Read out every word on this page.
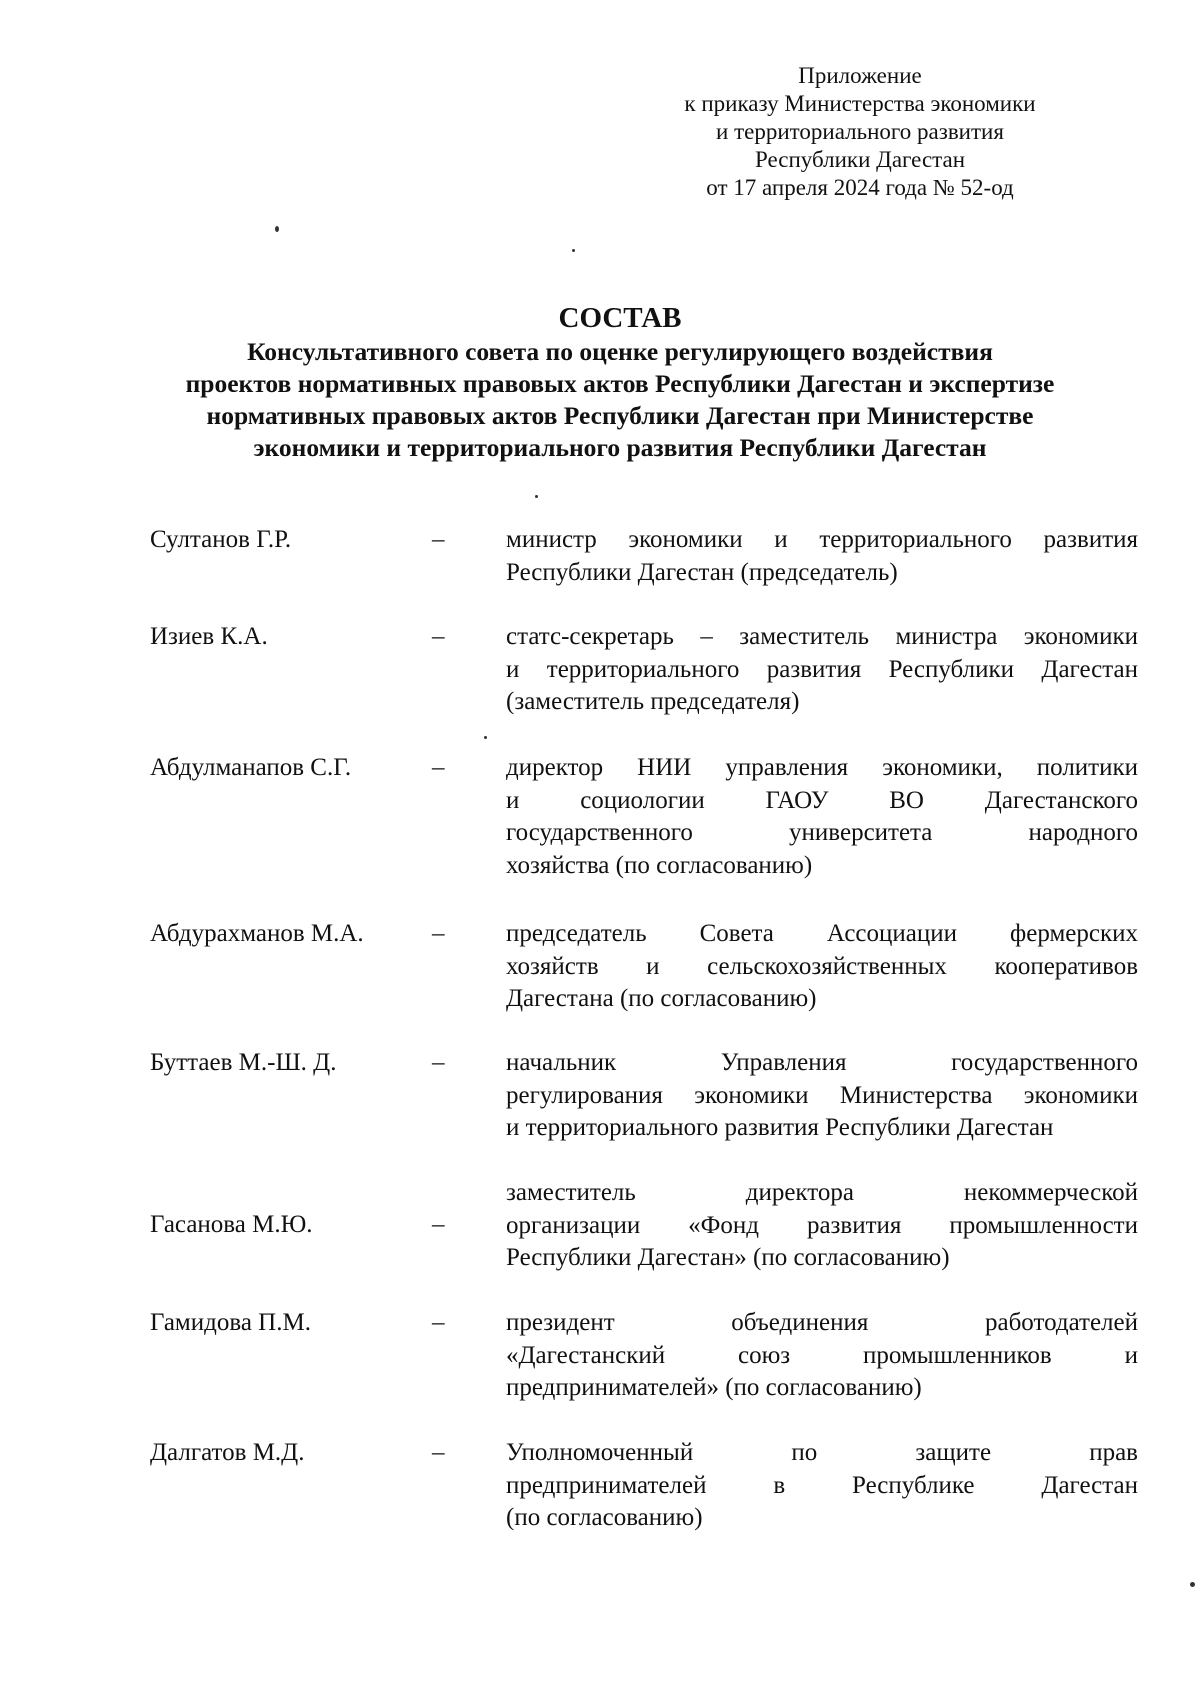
Приложение
к приказу Министерства экономики
и территориального развития
Республики Дагестан
от 17 апреля 2024 года № 52-од
СОСТАВ
Консультативного совета по оценке регулирующего воздействия
проектов нормативных правовых актов Республики Дагестан и экспертизе
нормативных правовых актов Республики Дагестан при Министерстве
экономики и территориального развития Республики Дагестан
Султанов Г.Р.	– министр экономики и территориального развития
Республики Дагестан (председатель)
Изиев К.А.	– статс-секретарь – заместитель министра экономики
и территориального развития Республики Дагестан
(заместитель председателя)
Абдулманапов С.Г.	– директор НИИ управления экономики, политики
и социологии ГАОУ ВО Дагестанского
государственного университета народного
хозяйства (по согласованию)
Абдурахманов М.А.	– председатель Совета Ассоциации фермерских
хозяйств и сельскохозяйственных кооперативов
Дагестана (по согласованию)
Буттаев М.-Ш. Д.	– начальник Управления государственного
регулирования экономики Министерства экономики
и территориального развития Республики Дагестан
Гасанова М.Ю.	–
заместитель директора некоммерческой
организации «Фонд развития промышленности
Республики Дагестан» (по согласованию)
Гамидова П.М.	– президент объединения работодателей
«Дагестанский союз промышленников и
предпринимателей» (по согласованию)
Далгатов М.Д.	– Уполномоченный по защите прав
предпринимателей в Республике Дагестан
(по согласованию)
